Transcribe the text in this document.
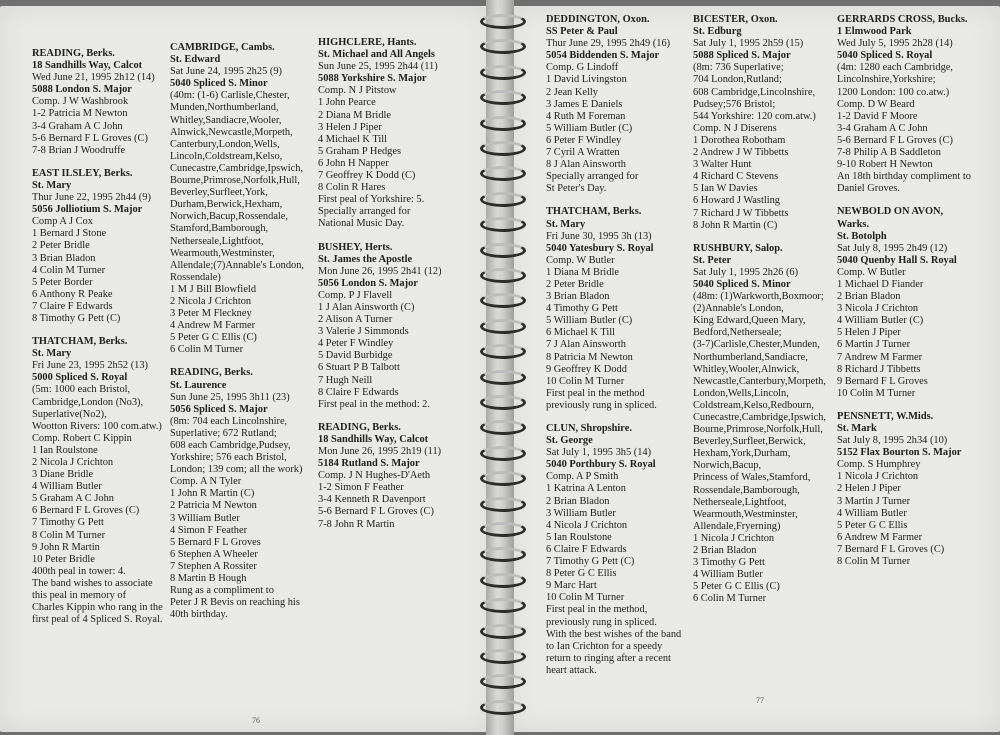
READING, Berks.
18 Sandhills Way, Calcot
Wed June 21, 1995 2h12 (14)
5088 London S. Major
Comp. J W Washbrook
1-2 Patricia M Newton
3-4 Graham A C John
5-6 Bernard F L Groves (C)
7-8 Brian J Woodruffe
EAST ILSLEY, Berks.
St. Mary
Thur June 22, 1995 2h44 (9)
5056 Jolliotium S. Major
Comp A J Cox
1 Bernard J Stone
2 Peter Bridle
3 Brian Bladon
4 Colin M Turner
5 Peter Border
6 Anthony R Peake
7 Claire F Edwards
8 Timothy G Pett (C)
THATCHAM, Berks.
St. Mary
Fri June 23, 1995 2h52 (13)
5000 Spliced S. Royal
(5m: 1000 each Bristol,
Cambridge,London (No3),
Superlative(No2),
Wootton Rivers: 100 com.atw.)
Comp. Robert C Kippin
1 Ian Roulstone
2 Nicola J Crichton
3 Diane Bridle
4 William Butler
5 Graham A C John
6 Bernard F L Groves (C)
7 Timothy G Pett
8 Colin M Turner
9 John R Martin
10 Peter Bridle
400th peal in tower: 4.
The band wishes to associate
this peal in memory of
Charles Kippin who rang in the
first peal of 4 Spliced S. Royal.
CAMBRIDGE, Cambs.
St. Edward
Sat June 24, 1995 2h25 (9)
5040 Spliced S. Minor
(40m: (1-6) Carlisle,Chester,
Munden,Northumberland,
Whitley,Sandiacre,Wooler,
Alnwick,Newcastle,Morpeth,
Canterbury,London,Wells,
Lincoln,Coldstream,Kelso,
Cunecastre,Cambridge,Ipswich,
Bourne,Primrose,Norfolk,Hull,
Beverley,Surfleet,York,
Durham,Berwick,Hexham,
Norwich,Bacup,Rossendale,
Stamford,Bamborough,
Netherseale,Lightfoot,
Wearmouth,Westminster,
Allendale;(7)Annable's London,
Rossendale)
1 M J Bill Blowfield
2 Nicola J Crichton
3 Peter M Fleckney
4 Andrew M Farmer
5 Peter G C Ellis (C)
6 Colin M Turner
READING, Berks.
St. Laurence
Sun June 25, 1995 3h11 (23)
5056 Spliced S. Major
(8m: 704 each Lincolnshire,
Superlative; 672 Rutland;
608 each Cambridge,Pudsey,
Yorkshire; 576 each Bristol,
London; 139 com; all the work)
Comp. A N Tyler
1 John R Martin (C)
2 Patricia M Newton
3 William Butler
4 Simon F Feather
5 Bernard F L Groves
6 Stephen A Wheeler
7 Stephen A Rossiter
8 Martin B Hough
Rung as a compliment to
Peter J R Bevis on reaching his
40th birthday.
HIGHCLERE, Hants.
St. Michael and All Angels
Sun June 25, 1995 2h44 (11)
5088 Yorkshire S. Major
Comp. N J Pitstow
1 John Pearce
2 Diana M Bridle
3 Helen J Piper
4 Michael K Till
5 Graham P Hedges
6 John H Napper
7 Geoffrey K Dodd (C)
8 Colin R Hares
First peal of Yorkshire: 5.
Specially arranged for
National Music Day.
BUSHEY, Herts.
St. James the Apostle
Mon June 26, 1995 2h41 (12)
5056 London S. Major
Comp. P J Flavell
1 J Alan Ainsworth (C)
2 Alison A Turner
3 Valerie J Simmonds
4 Peter F Windley
5 David Burbidge
6 Stuart P B Talbott
7 Hugh Neill
8 Claire F Edwards
First peal in the method: 2.
READING, Berks.
18 Sandhills Way, Calcot
Mon June 26, 1995 2h19 (11)
5184 Rutland S. Major
Comp. J N Hughes-D'Aeth
1-2 Simon F Feather
3-4 Kenneth R Davenport
5-6 Bernard F L Groves (C)
7-8 John R Martin
DEDDINGTON, Oxon.
SS Peter & Paul
Thur June 29, 1995 2h49 (16)
5054 Biddenden S. Major
Comp. G Lindoff
1 David Livingston
2 Jean Kelly
3 James E Daniels
4 Ruth M Foreman
5 William Butler (C)
6 Peter F Windley
7 Cyril A Wratten
8 J Alan Ainsworth
Specially arranged for
St Peter's Day.
THATCHAM, Berks.
St. Mary
Fri June 30, 1995 3h (13)
5040 Yatesbury S. Royal
Comp. W Butler
1 Diana M Bridle
2 Peter Bridle
3 Brian Bladon
4 Timothy G Pett
5 William Butler (C)
6 Michael K Till
7 J Alan Ainsworth
8 Patricia M Newton
9 Geoffrey K Dodd
10 Colin M Turner
First peal in the method
previously rung in spliced.
CLUN, Shropshire.
St. George
Sat July 1, 1995 3h5 (14)
5040 Porthbury S. Royal
Comp. A P Smith
1 Katrina A Lenton
2 Brian Bladon
3 William Butler
4 Nicola J Crichton
5 Ian Roulstone
6 Claire F Edwards
7 Timothy G Pett (C)
8 Peter G C Ellis
9 Marc Hart
10 Colin M Turner
First peal in the method,
previously rung in spliced.
With the best wishes of the band
to Ian Crichton for a speedy
return to ringing after a recent
heart attack.
BICESTER, Oxon.
St. Edburg
Sat July 1, 1995 2h59 (15)
5088 Spliced S. Major
(8m: 736 Superlative;
704 London,Rutland;
608 Cambridge,Lincolnshire,
Pudsey;576 Bristol;
544 Yorkshire: 120 com.atw.)
Comp. N J Diserens
1 Dorothea Robotham
2 Andrew J W Tibbetts
3 Walter Hunt
4 Richard C Stevens
5 Ian W Davies
6 Howard J Wastling
7 Richard J W Tibbetts
8 John R Martin (C)
RUSHBURY, Salop.
St. Peter
Sat July 1, 1995 2h26 (6)
5040 Spliced S. Minor
(48m: (1)Warkworth,Boxmoor;
(2)Annable's London,
King Edward,Queen Mary,
Bedford,Netherseale;
(3-7)Carlisle,Chester,Munden,
Northumberland,Sandiacre,
Whitley,Wooler,Alnwick,
Newcastle,Canterbury,Morpeth,
London,Wells,Lincoln,
Coldstream,Kelso,Redbourn,
Cunecastre,Cambridge,Ipswich,
Bourne,Primrose,Norfolk,Hull,
Beverley,Surfleet,Berwick,
Hexham,York,Durham,
Norwich,Bacup,
Princess of Wales,Stamford,
Rossendale,Bamborough,
Netherseale,Lightfoot,
Wearmouth,Westminster,
Allendale,Fryerning)
1 Nicola J Crichton
2 Brian Bladon
3 Timothy G Pett
4 William Butler
5 Peter G C Ellis (C)
6 Colin M Turner
GERRARDS CROSS, Bucks.
1 Elmwood Park
Wed July 5, 1995 2h28 (14)
5040 Spliced S. Royal
(4m: 1280 each Cambridge,
Lincolnshire,Yorkshire;
1200 London: 100 co.atw.)
Comp. D W Beard
1-2 David F Moore
3-4 Graham A C John
5-6 Bernard F L Groves (C)
7-8 Philip A B Saddleton
9-10 Robert H Newton
An 18th birthday compliment to
Daniel Groves.
NEWBOLD ON AVON,
Warks.
St. Botolph
Sat July 8, 1995 2h49 (12)
5040 Quenby Hall S. Royal
Comp. W Butler
1 Michael D Fiander
2 Brian Bladon
3 Nicola J Crichton
4 William Butler (C)
5 Helen J Piper
6 Martin J Turner
7 Andrew M Farmer
8 Richard J Tibbetts
9 Bernard F L Groves
10 Colin M Turner
PENSNETT, W.Mids.
St. Mark
Sat July 8, 1995 2h34 (10)
5152 Flax Bourton S. Major
Comp. S Humphrey
1 Nicola J Crichton
2 Helen J Piper
3 Martin J Turner
4 William Butler
5 Peter G C Ellis
6 Andrew M Farmer
7 Bernard F L Groves (C)
8 Colin M Turner
76
77
